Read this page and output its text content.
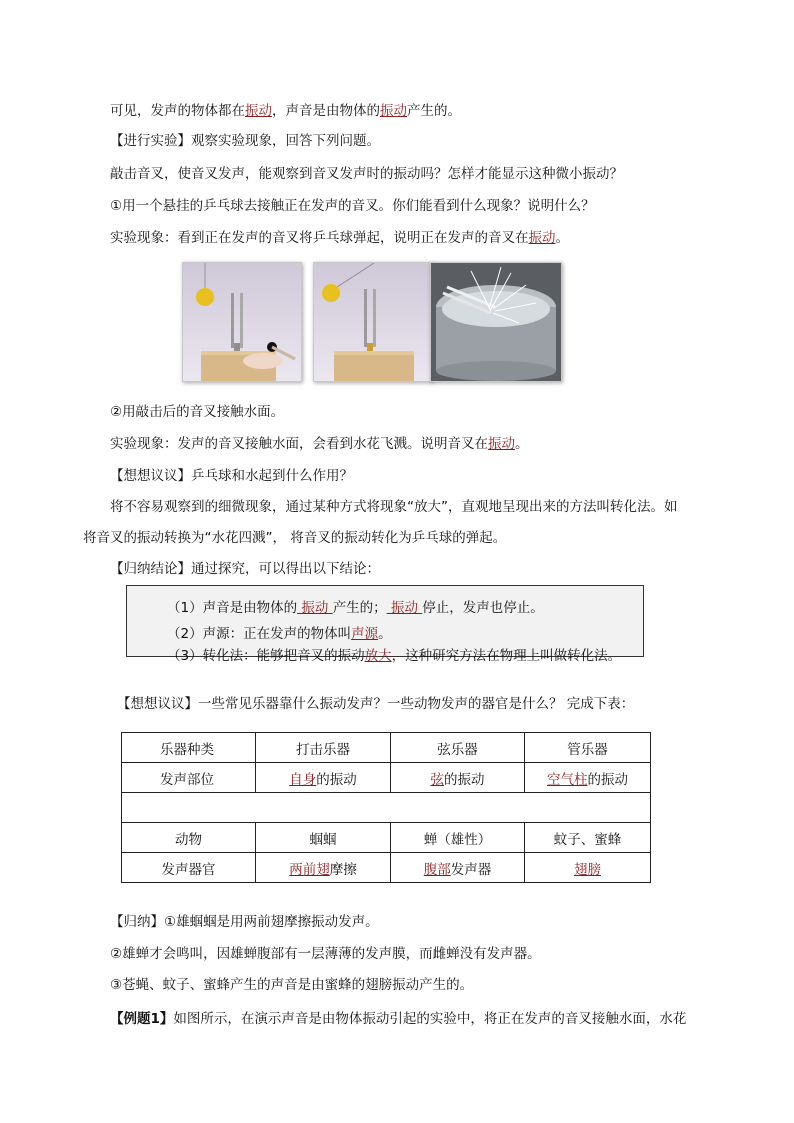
可见，发声的物体都在振动，声音是由物体的振动产生的。
【进行实验】观察实验现象，回答下列问题。
敲击音叉，使音叉发声，能观察到音叉发声时的振动吗？怎样才能显示这种微小振动？
①用一个悬挂的乒乓球去接触正在发声的音叉。你们能看到什么现象？说明什么？
实验现象：看到正在发声的音叉将乒乓球弹起，说明正在发声的音叉在振动。
②用敲击后的音叉接触水面。
实验现象：发声的音叉接触水面，会看到水花飞溅。说明音叉在振动。
【想想议议】乒乓球和水起到什么作用？
将不容易观察到的细微现象，通过某种方式将现象“放大”，直观地呈现出来的方法叫转化法。如
将音叉的振动转换为“水花四溅”， 将音叉的振动转化为乒乓球的弹起。
【归纳结论】通过探究，可以得出以下结论：
（1）声音是由物体的 振动 产生的； 振动 停止，发声也停止。
（2）声源：正在发声的物体叫声源。
（3）转化法：能够把音叉的振动放大，这种研究方法在物理上叫做转化法。
【想想议议】一些常见乐器靠什么振动发声？一些动物发声的器官是什么？ 完成下表：
乐器种类	打击乐器	弦乐器	管乐器
发声部位	自身的振动	弦的振动	空气柱的振动

动物	蝈蝈	蝉（雄性）	蚊子、蜜蜂
发声器官	两前翅摩擦	腹部发声器	翅膀
【归纳】①雄蝈蝈是用两前翅摩擦振动发声。
②雄蝉才会鸣叫，因雄蝉腹部有一层薄薄的发声膜，而雌蝉没有发声器。
③苍蝇、蚊子、蜜蜂产生的声音是由蜜蜂的翅膀振动产生的。
【例题1】如图所示，在演示声音是由物体振动引起的实验中，将正在发声的音叉接触水面，水花
